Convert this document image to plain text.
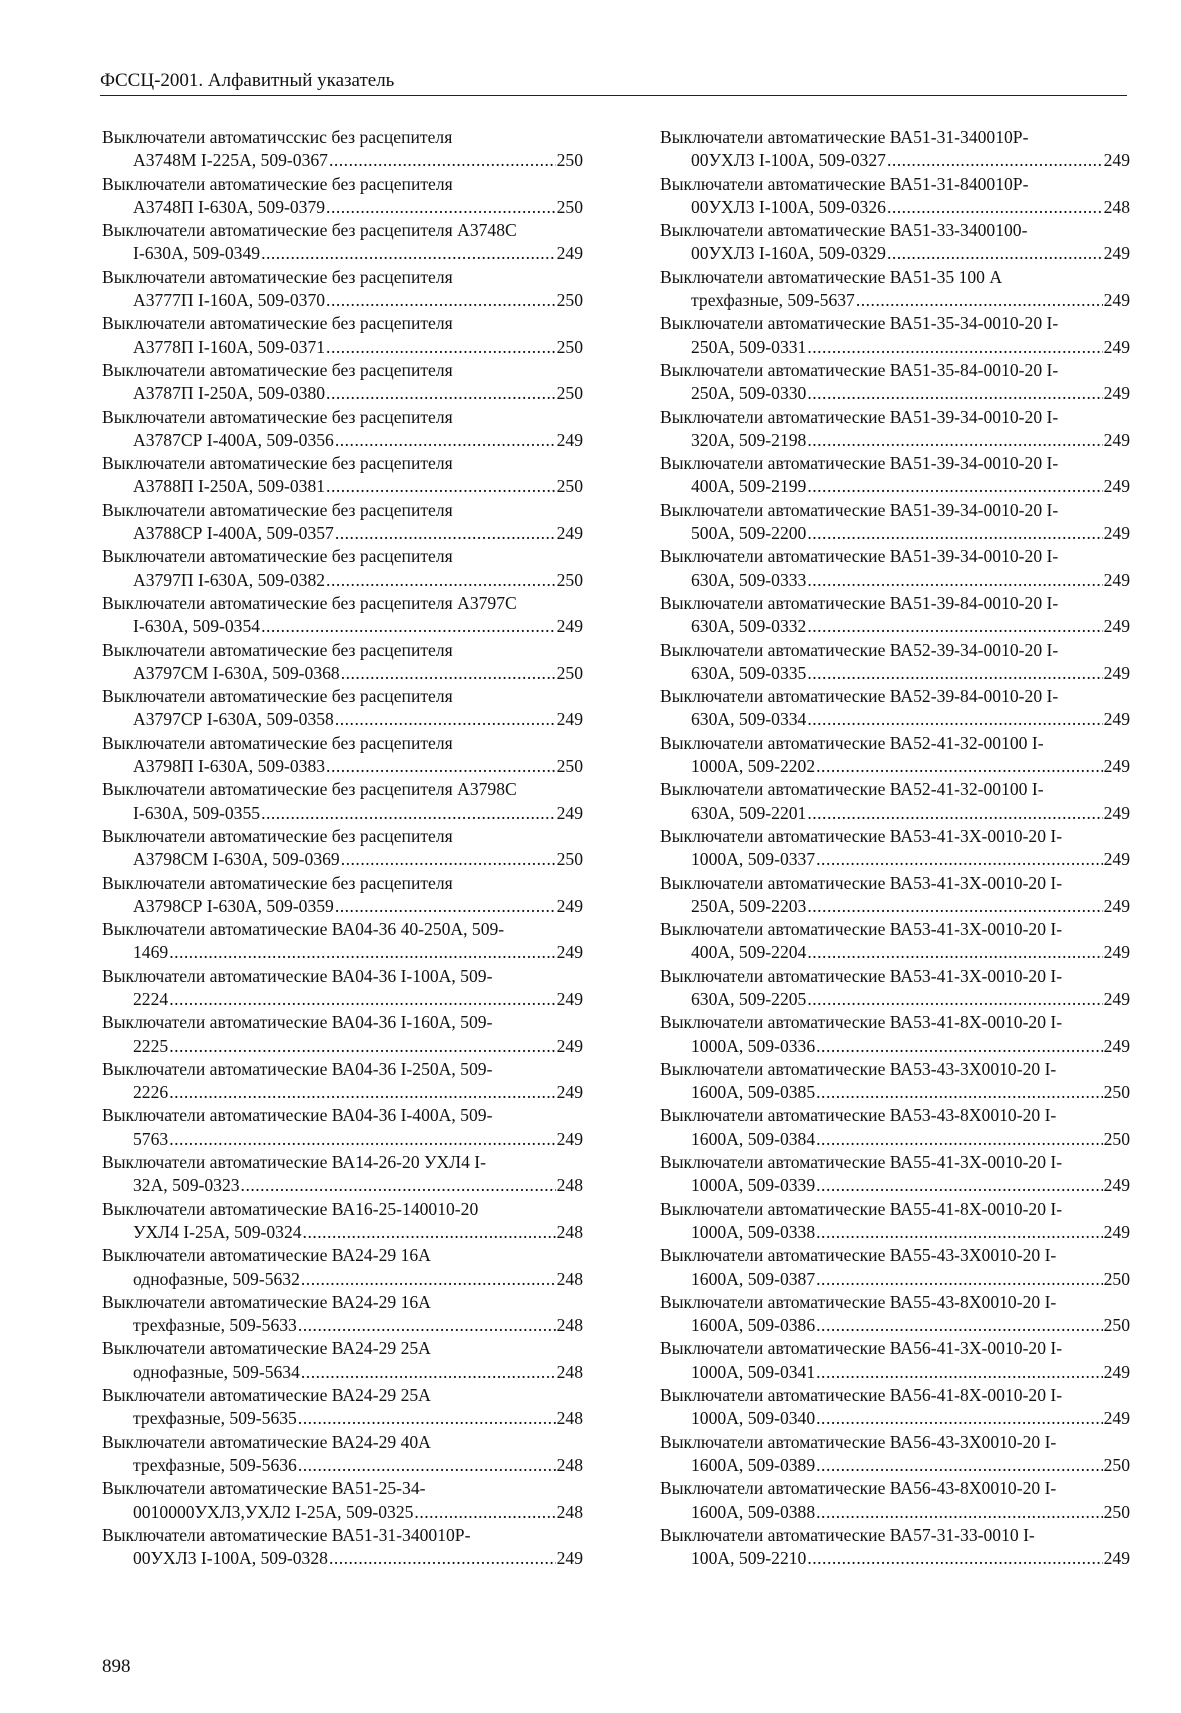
ФССЦ-2001. Алфавитный указатель
Выключатели автоматичсскис без расцепителя
А3748М I-225А, 509-0367 .....	250
Выключатели автоматические без расцепителя
А3748П I-630А, 509-0379 .....	250
Выключатели автоматические без расцепителя А3748С
I-630А, 509-0349 .....	249
Выключатели автоматические без расцепителя
А3777П I-160А, 509-0370 .....	250
Выключатели автоматические без расцепителя
А3778П I-160А, 509-0371 .....	250
Выключатели автоматические без расцепителя
А3787П I-250А, 509-0380 .....	250
Выключатели автоматические без расцепителя
А3787СР I-400А, 509-0356 .....	249
Выключатели автоматические без расцепителя
А3788П I-250А, 509-0381 .....	250
Выключатели автоматические без расцепителя
А3788СР I-400А, 509-0357 .....	249
Выключатели автоматические без расцепителя
А3797П I-630А, 509-0382 .....	250
Выключатели автоматические без расцепителя А3797С
I-630А, 509-0354 .....	249
Выключатели автоматические без расцепителя
А3797СМ I-630А, 509-0368 .....	250
Выключатели автоматические без расцепителя
А3797СР I-630А, 509-0358 .....	249
Выключатели автоматические без расцепителя
А3798П I-630А, 509-0383 .....	250
Выключатели автоматические без расцепителя А3798С
I-630А, 509-0355 .....	249
Выключатели автоматические без расцепителя
А3798СМ I-630А, 509-0369 .....	250
Выключатели автоматические без расцепителя
А3798СР I-630А, 509-0359 .....	249
Выключатели автоматические ВА04-36 40-250А, 509-
1469 .....	249
Выключатели автоматические ВА04-36 I-100А, 509-
2224 .....	249
Выключатели автоматические ВА04-36 I-160А, 509-
2225 .....	249
Выключатели автоматические ВА04-36 I-250А, 509-
2226 .....	249
Выключатели автоматические ВА04-36 I-400А, 509-
5763 .....	249
Выключатели автоматические ВА14-26-20 УХЛ4 I-
32А, 509-0323 .....	248
Выключатели автоматические ВА16-25-140010-20
УХЛ4 I-25А, 509-0324 .....	248
Выключатели автоматические ВА24-29 16А
однофазные, 509-5632 .....	248
Выключатели автоматические ВА24-29 16А
трехфазные, 509-5633 .....	248
Выключатели автоматические ВА24-29 25А
однофазные, 509-5634 .....	248
Выключатели автоматические ВА24-29 25А
трехфазные, 509-5635 .....	248
Выключатели автоматические ВА24-29 40А
трехфазные, 509-5636 .....	248
Выключатели автоматические ВА51-25-34-
0010000УХЛ3,УХЛ2 I-25А, 509-0325 .....	248
Выключатели автоматические ВА51-31-340010Р-
00УХЛ3 I-100А, 509-0328 .....	249
Выключатели автоматические ВА51-31-340010Р-
00УХЛ3 I-100А, 509-0327 .....	249
Выключатели автоматические ВА51-31-840010Р-
00УХЛ3 I-100А, 509-0326 .....	248
Выключатели автоматические ВА51-33-3400100-
00УХЛ3 I-160А, 509-0329 .....	249
Выключатели автоматические ВА51-35 100 А
трехфазные, 509-5637 .....	249
Выключатели автоматические ВА51-35-34-0010-20 I-
250А, 509-0331 .....	249
Выключатели автоматические ВА51-35-84-0010-20 I-
250А, 509-0330 .....	249
Выключатели автоматические ВА51-39-34-0010-20 I-
320А, 509-2198 .....	249
Выключатели автоматические ВА51-39-34-0010-20 I-
400А, 509-2199 .....	249
Выключатели автоматические ВА51-39-34-0010-20 I-
500А, 509-2200 .....	249
Выключатели автоматические ВА51-39-34-0010-20 I-
630А, 509-0333 .....	249
Выключатели автоматические ВА51-39-84-0010-20 I-
630А, 509-0332 .....	249
Выключатели автоматические ВА52-39-34-0010-20 I-
630А, 509-0335 .....	249
Выключатели автоматические ВА52-39-84-0010-20 I-
630А, 509-0334 .....	249
Выключатели автоматические ВА52-41-32-00100 I-
1000А, 509-2202 .....	249
Выключатели автоматические ВА52-41-32-00100 I-
630А, 509-2201 .....	249
Выключатели автоматические ВА53-41-3Х-0010-20 I-
1000А, 509-0337 .....	249
Выключатели автоматические ВА53-41-3Х-0010-20 I-
250А, 509-2203 .....	249
Выключатели автоматические ВА53-41-3Х-0010-20 I-
400А, 509-2204 .....	249
Выключатели автоматические ВА53-41-3Х-0010-20 I-
630А, 509-2205 .....	249
Выключатели автоматические ВА53-41-8Х-0010-20 I-
1000А, 509-0336 .....	249
Выключатели автоматические ВА53-43-3Х0010-20 I-
1600А, 509-0385 .....	250
Выключатели автоматические ВА53-43-8Х0010-20 I-
1600А, 509-0384 .....	250
Выключатели автоматические ВА55-41-3Х-0010-20 I-
1000А, 509-0339 .....	249
Выключатели автоматические ВА55-41-8Х-0010-20 I-
1000А, 509-0338 .....	249
Выключатели автоматические ВА55-43-3Х0010-20 I-
1600А, 509-0387 .....	250
Выключатели автоматические ВА55-43-8Х0010-20 I-
1600А, 509-0386 .....	250
Выключатели автоматические ВА56-41-3Х-0010-20 I-
1000А, 509-0341 .....	249
Выключатели автоматические ВА56-41-8Х-0010-20 I-
1000А, 509-0340 .....	249
Выключатели автоматические ВА56-43-3Х0010-20 I-
1600А, 509-0389 .....	250
Выключатели автоматические ВА56-43-8Х0010-20 I-
1600А, 509-0388 .....	250
Выключатели автоматические ВА57-31-33-0010 I-
100А, 509-2210 .....	249
898
